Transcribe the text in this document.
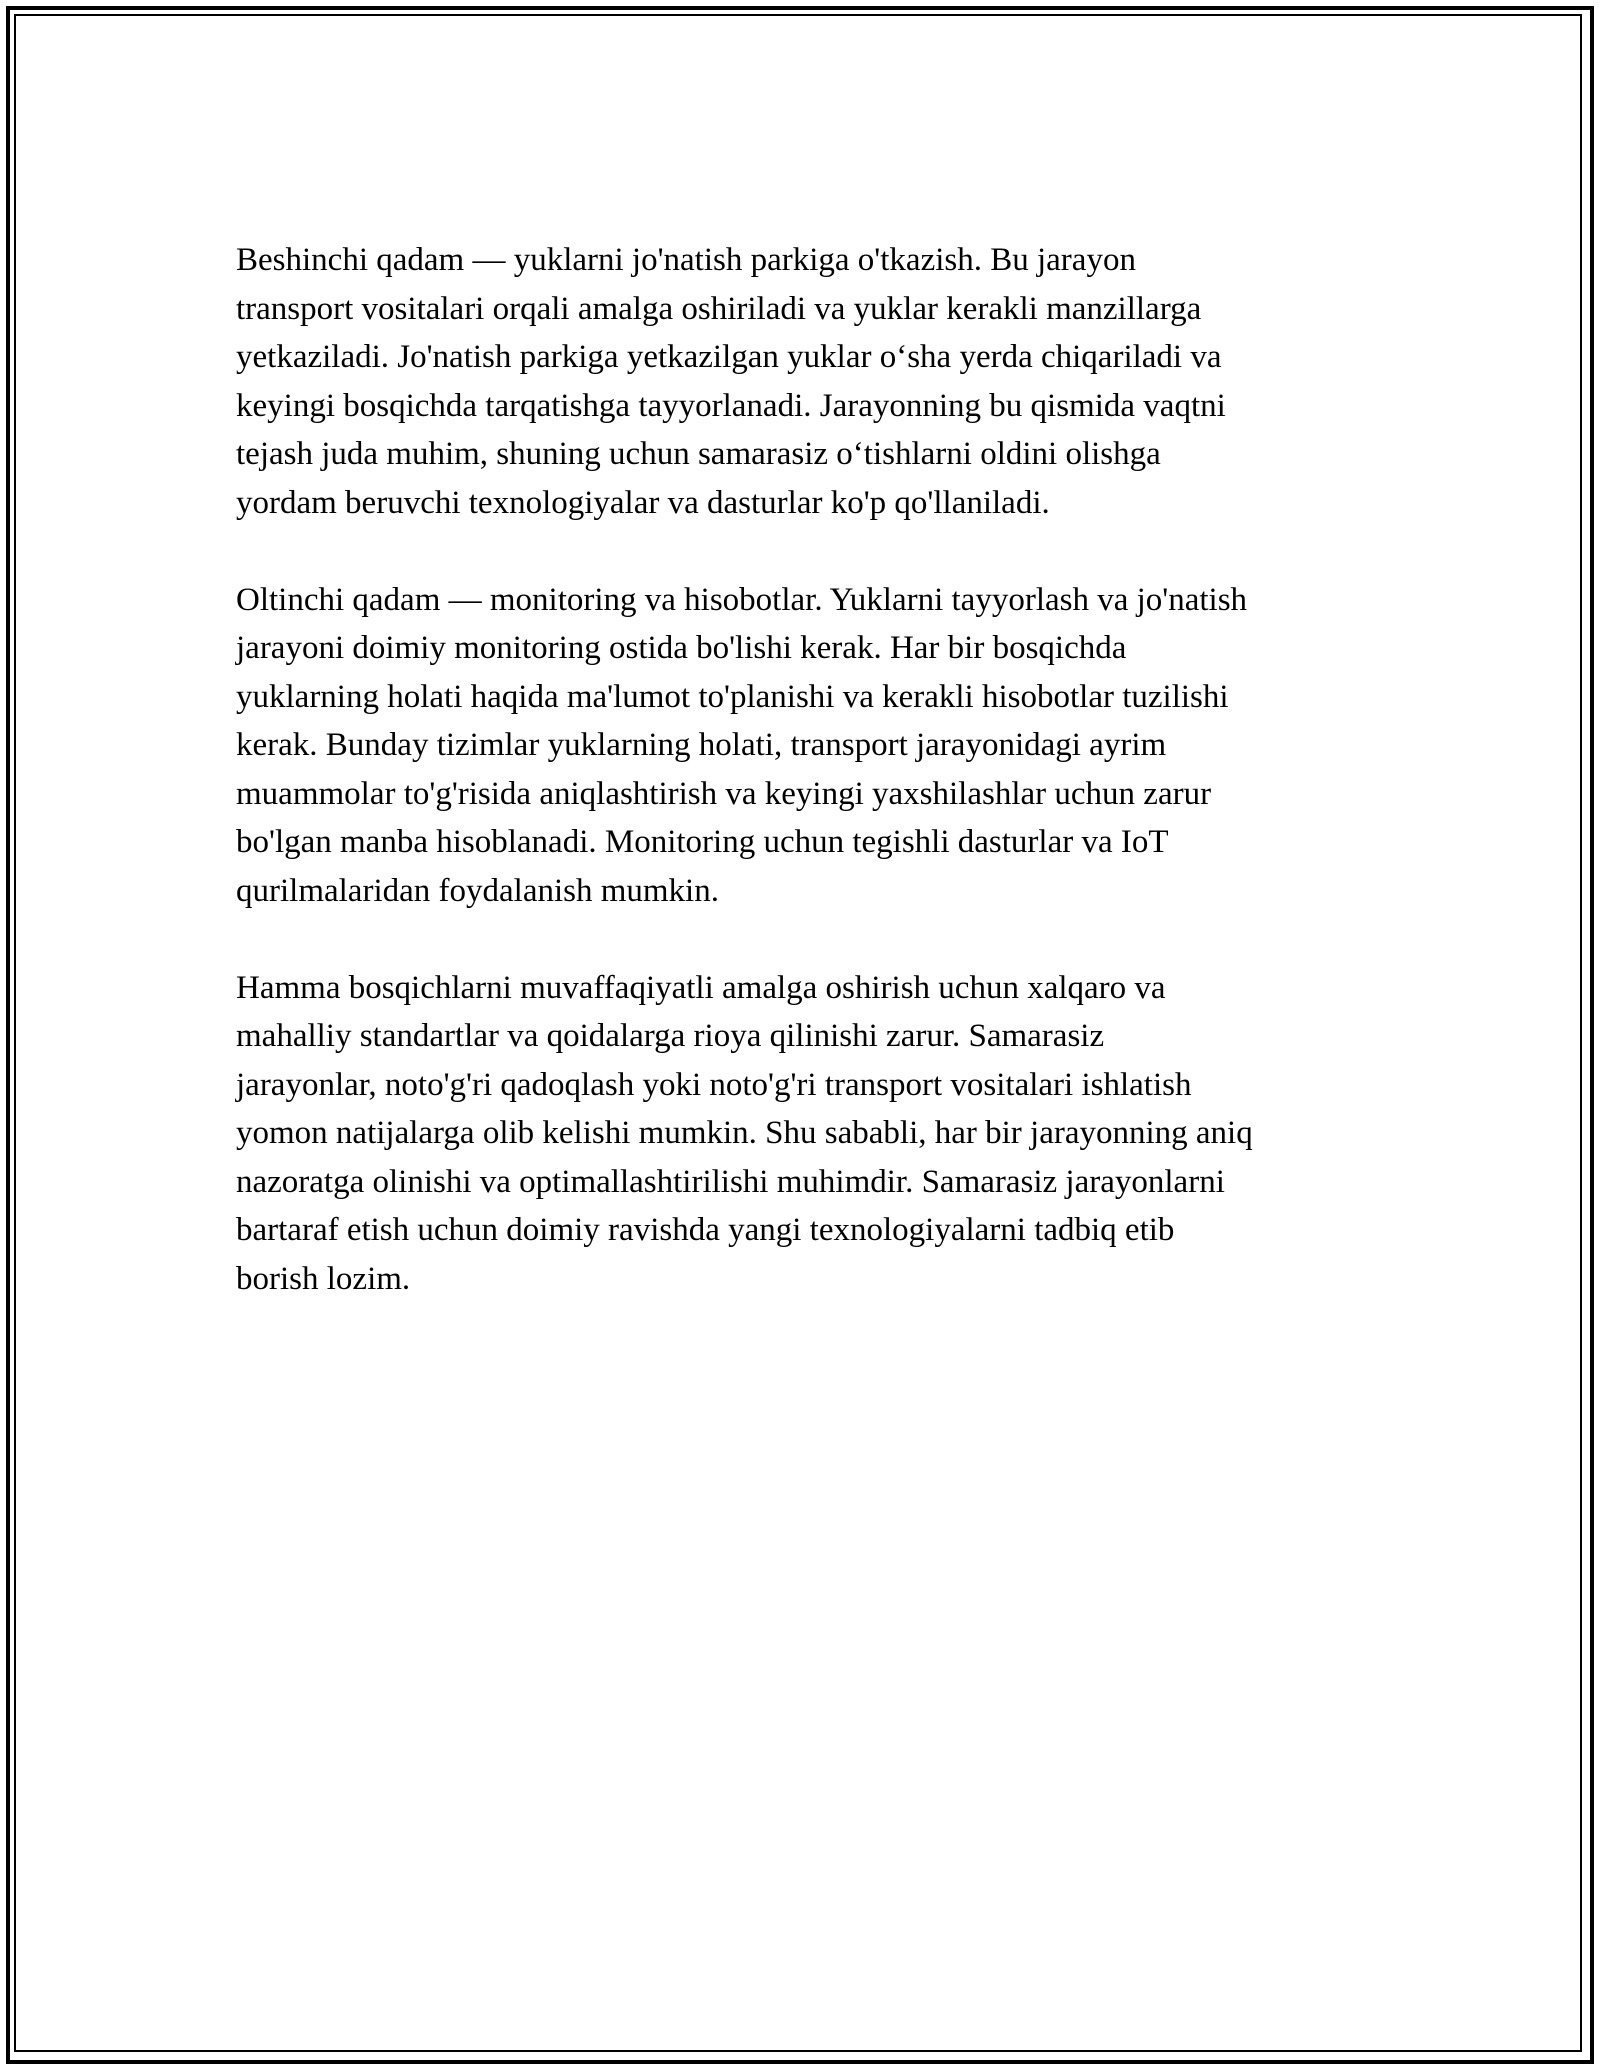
Beshinchi qadam — yuklarni jo'natish parkiga o'tkazish. Bu jarayon
transport vositalari orqali amalga oshiriladi va yuklar kerakli manzillarga
yetkaziladi. Jo'natish parkiga yetkazilgan yuklar o‘sha yerda chiqariladi va
keyingi bosqichda tarqatishga tayyorlanadi. Jarayonning bu qismida vaqtni
tejash juda muhim, shuning uchun samarasiz o‘tishlarni oldini olishga
yordam beruvchi texnologiyalar va dasturlar ko'p qo'llaniladi.

Oltinchi qadam — monitoring va hisobotlar. Yuklarni tayyorlash va jo'natish
jarayoni doimiy monitoring ostida bo'lishi kerak. Har bir bosqichda
yuklarning holati haqida ma'lumot to'planishi va kerakli hisobotlar tuzilishi
kerak. Bunday tizimlar yuklarning holati, transport jarayonidagi ayrim
muammolar to'g'risida aniqlashtirish va keyingi yaxshilashlar uchun zarur
bo'lgan manba hisoblanadi. Monitoring uchun tegishli dasturlar va IoT
qurilmalaridan foydalanish mumkin.

Hamma bosqichlarni muvaffaqiyatli amalga oshirish uchun xalqaro va
mahalliy standartlar va qoidalarga rioya qilinishi zarur. Samarasiz
jarayonlar, noto'g'ri qadoqlash yoki noto'g'ri transport vositalari ishlatish
yomon natijalarga olib kelishi mumkin. Shu sababli, har bir jarayonning aniq
nazoratga olinishi va optimallashtirilishi muhimdir. Samarasiz jarayonlarni
bartaraf etish uchun doimiy ravishda yangi texnologiyalarni tadbiq etib
borish lozim.
